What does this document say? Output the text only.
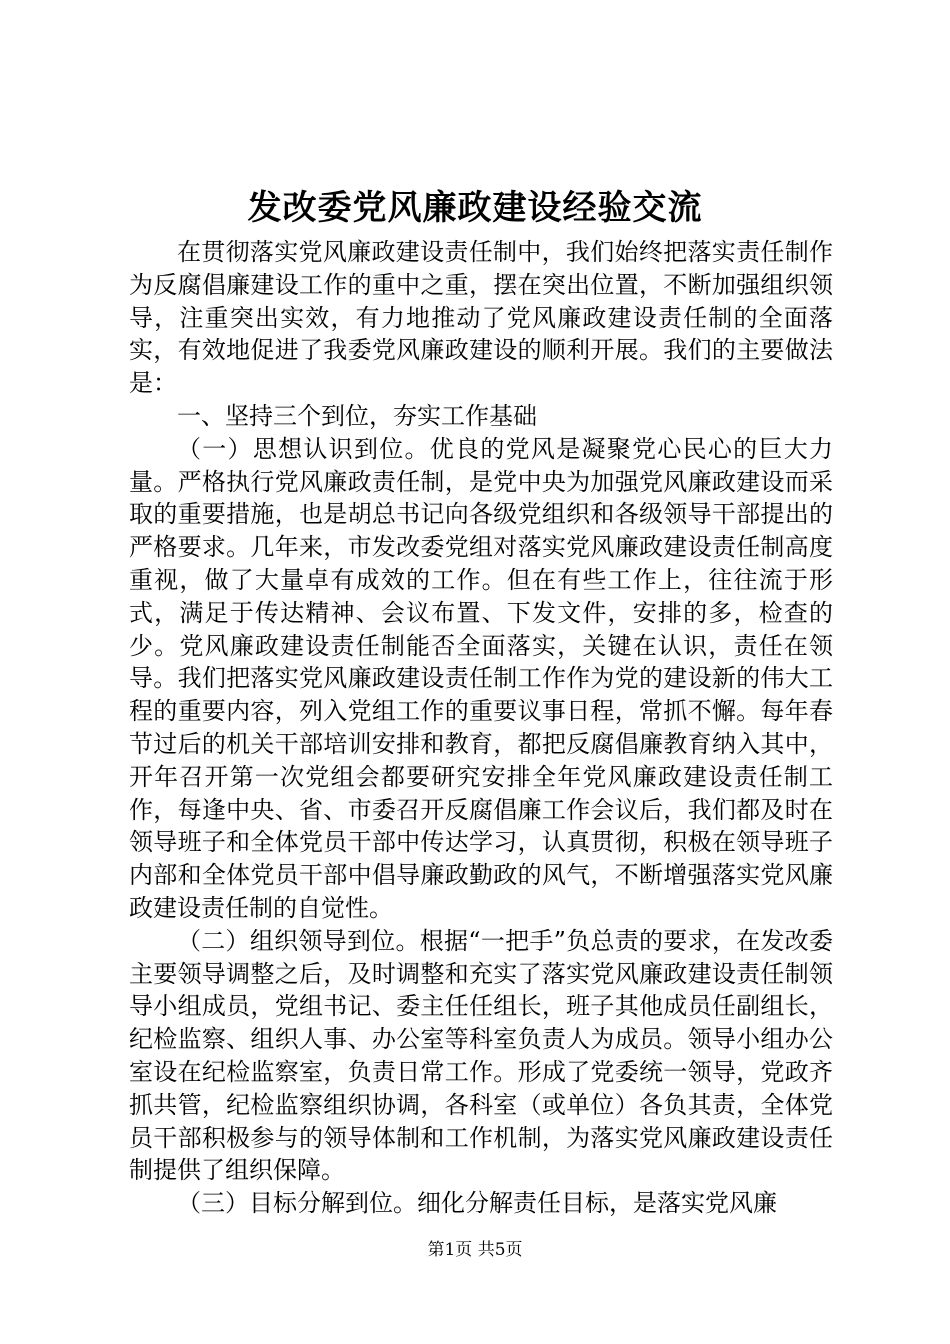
发改委党风廉政建设经验交流

在贯彻落实党风廉政建设责任制中，我们始终把落实责任制作为反腐倡廉建设工作的重中之重，摆在突出位置，不断加强组织领导，注重突出实效，有力地推动了党风廉政建设责任制的全面落实，有效地促进了我委党风廉政建设的顺利开展。我们的主要做法是：

一、坚持三个到位，夯实工作基础

（一）思想认识到位。优良的党风是凝聚党心民心的巨大力量。严格执行党风廉政责任制，是党中央为加强党风廉政建设而采取的重要措施，也是胡总书记向各级党组织和各级领导干部提出的严格要求。几年来，市发改委党组对落实党风廉政建设责任制高度重视，做了大量卓有成效的工作。但在有些工作上，往往流于形式，满足于传达精神、会议布置、下发文件，安排的多，检查的少。党风廉政建设责任制能否全面落实，关键在认识，责任在领导。我们把落实党风廉政建设责任制工作作为党的建设新的伟大工程的重要内容，列入党组工作的重要议事日程，常抓不懈。每年春节过后的机关干部培训安排和教育，都把反腐倡廉教育纳入其中，开年召开第一次党组会都要研究安排全年党风廉政建设责任制工作，每逢中央、省、市委召开反腐倡廉工作会议后，我们都及时在领导班子和全体党员干部中传达学习，认真贯彻，积极在领导班子内部和全体党员干部中倡导廉政勤政的风气，不断增强落实党风廉政建设责任制的自觉性。

（二）组织领导到位。根据“一把手”负总责的要求，在发改委主要领导调整之后，及时调整和充实了落实党风廉政建设责任制领导小组成员，党组书记、委主任任组长，班子其他成员任副组长，纪检监察、组织人事、办公室等科室负责人为成员。领导小组办公室设在纪检监察室，负责日常工作。形成了党委统一领导，党政齐抓共管，纪检监察组织协调，各科室（或单位）各负其责，全体党员干部积极参与的领导体制和工作机制，为落实党风廉政建设责任制提供了组织保障。

（三）目标分解到位。细化分解责任目标，是落实党风廉

第1页 共5页
